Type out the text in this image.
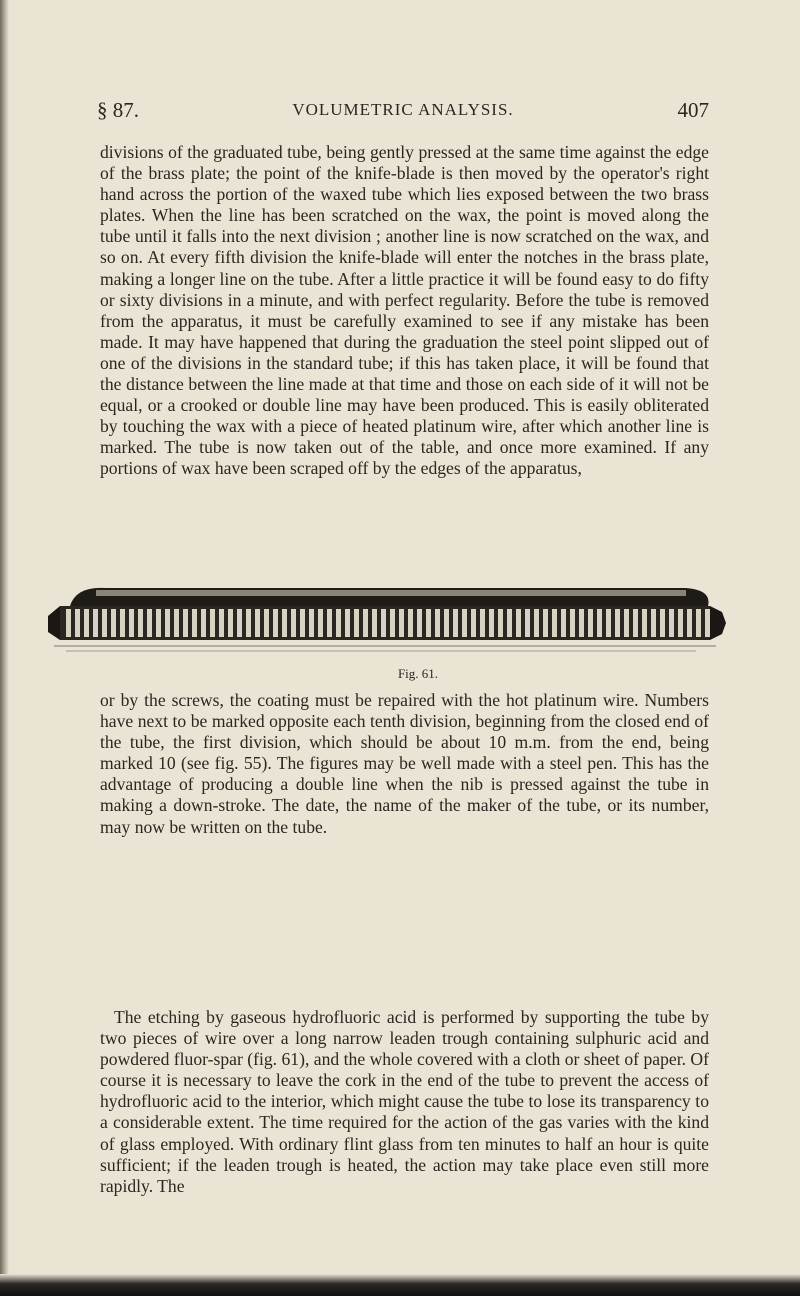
§ 87.	VOLUMETRIC ANALYSIS.	407

divisions of the graduated tube, being gently pressed at the same time against the edge of the brass plate; the point of the knife-blade is then moved by the operator's right hand across the portion of the waxed tube which lies exposed between the two brass plates. When the line has been scratched on the wax, the point is moved along the tube until it falls into the next division ; another line is now scratched on the wax, and so on. At every fifth division the knife-blade will enter the notches in the brass plate, making a longer line on the tube. After a little practice it will be found easy to do fifty or sixty divisions in a minute, and with perfect regularity. Before the tube is removed from the apparatus, it must be carefully examined to see if any mistake has been made. It may have happened that during the graduation the steel point slipped out of one of the divisions in the standard tube; if this has taken place, it will be found that the distance between the line made at that time and those on each side of it will not be equal, or a crooked or double line may have been produced. This is easily obliterated by touching the wax with a piece of heated platinum wire, after which another line is marked. The tube is now taken out of the table, and once more examined. If any portions of wax have been scraped off by the edges of the apparatus,

Fig. 61.

or by the screws, the coating must be repaired with the hot platinum wire. Numbers have next to be marked opposite each tenth division, beginning from the closed end of the tube, the first division, which should be about 10 m.m. from the end, being marked 10 (see fig. 55). The figures may be well made with a steel pen. This has the advantage of producing a double line when the nib is pressed against the tube in making a down-stroke. The date, the name of the maker of the tube, or its number, may now be written on the tube.

The etching by gaseous hydrofluoric acid is performed by supporting the tube by two pieces of wire over a long narrow leaden trough containing sulphuric acid and powdered fluor-spar (fig. 61), and the whole covered with a cloth or sheet of paper. Of course it is necessary to leave the cork in the end of the tube to prevent the access of hydrofluoric acid to the interior, which might cause the tube to lose its transparency to a considerable extent. The time required for the action of the gas varies with the kind of glass employed. With ordinary flint glass from ten minutes to half an hour is quite sufficient; if the leaden trough is heated, the action may take place even still more rapidly. The
